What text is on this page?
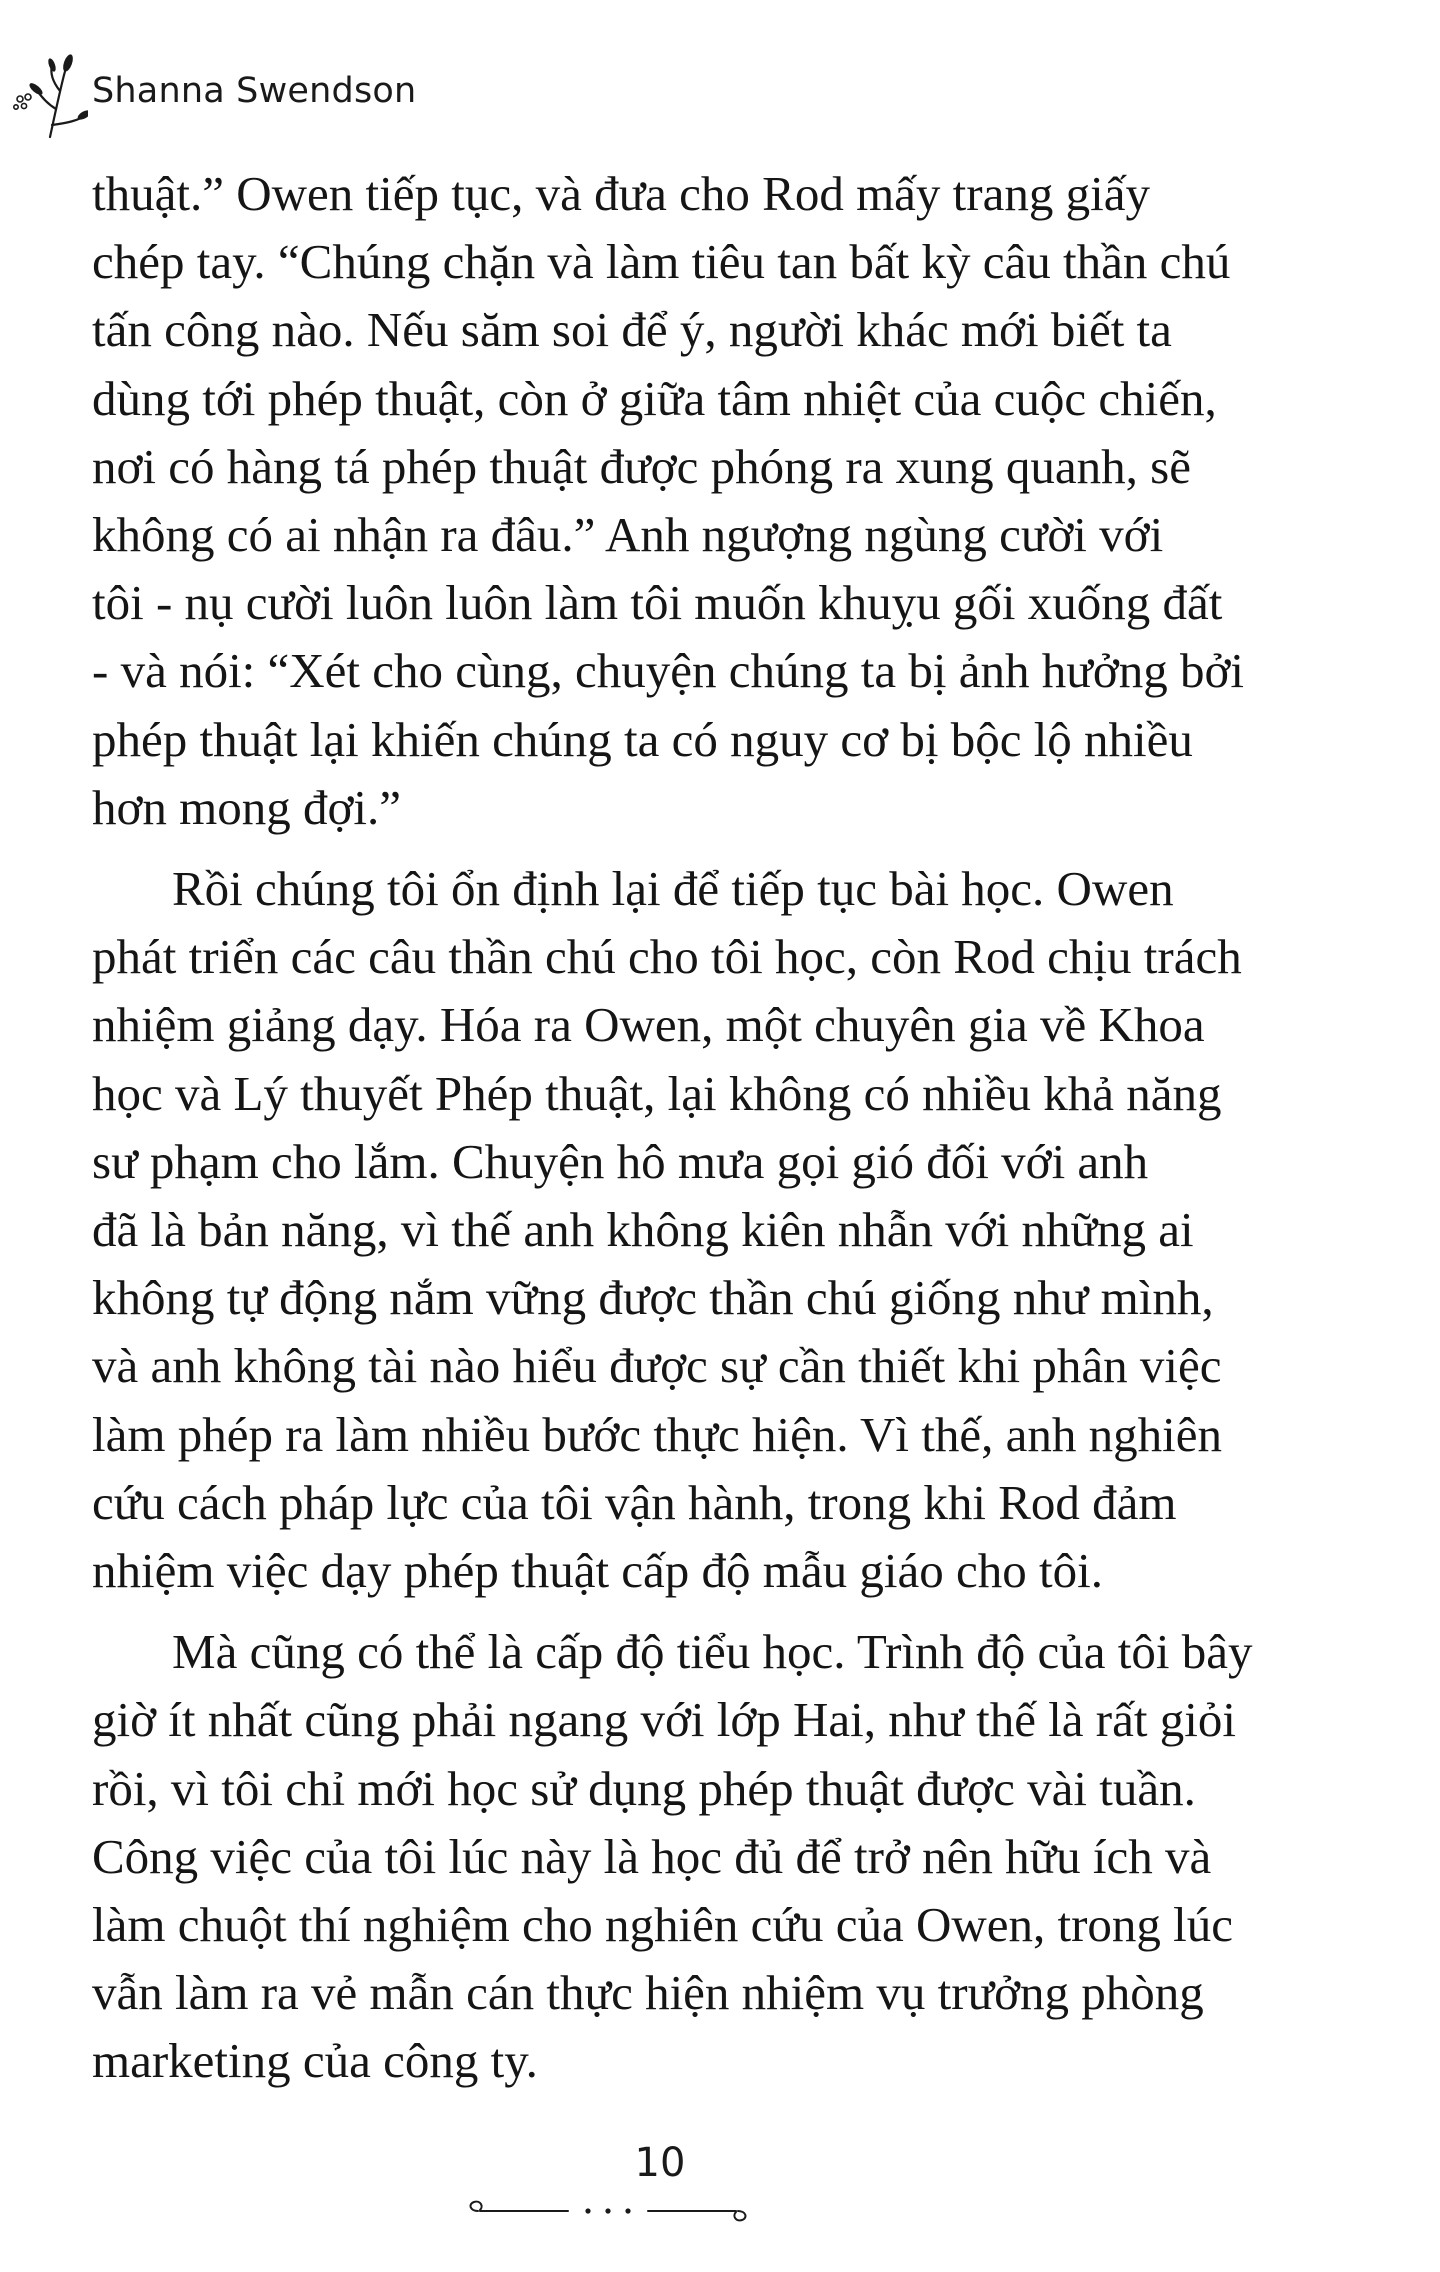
Shanna Swendson

thuật.” Owen tiếp tục, và đưa cho Rod mấy trang giấy
chép tay. “Chúng chặn và làm tiêu tan bất kỳ câu thần chú
tấn công nào. Nếu săm soi để ý, người khác mới biết ta
dùng tới phép thuật, còn ở giữa tâm nhiệt của cuộc chiến,
nơi có hàng tá phép thuật được phóng ra xung quanh, sẽ
không có ai nhận ra đâu.” Anh ngượng ngùng cười với
tôi - nụ cười luôn luôn làm tôi muốn khuỵu gối xuống đất
- và nói: “Xét cho cùng, chuyện chúng ta bị ảnh hưởng bởi
phép thuật lại khiến chúng ta có nguy cơ bị bộc lộ nhiều
hơn mong đợi.”

Rồi chúng tôi ổn định lại để tiếp tục bài học. Owen
phát triển các câu thần chú cho tôi học, còn Rod chịu trách
nhiệm giảng dạy. Hóa ra Owen, một chuyên gia về Khoa
học và Lý thuyết Phép thuật, lại không có nhiều khả năng
sư phạm cho lắm. Chuyện hô mưa gọi gió đối với anh
đã là bản năng, vì thế anh không kiên nhẫn với những ai
không tự động nắm vững được thần chú giống như mình,
và anh không tài nào hiểu được sự cần thiết khi phân việc
làm phép ra làm nhiều bước thực hiện. Vì thế, anh nghiên
cứu cách pháp lực của tôi vận hành, trong khi Rod đảm
nhiệm việc dạy phép thuật cấp độ mẫu giáo cho tôi.

Mà cũng có thể là cấp độ tiểu học. Trình độ của tôi bây
giờ ít nhất cũng phải ngang với lớp Hai, như thế là rất giỏi
rồi, vì tôi chỉ mới học sử dụng phép thuật được vài tuần.
Công việc của tôi lúc này là học đủ để trở nên hữu ích và
làm chuột thí nghiệm cho nghiên cứu của Owen, trong lúc
vẫn làm ra vẻ mẫn cán thực hiện nhiệm vụ trưởng phòng
marketing của công ty.

10
